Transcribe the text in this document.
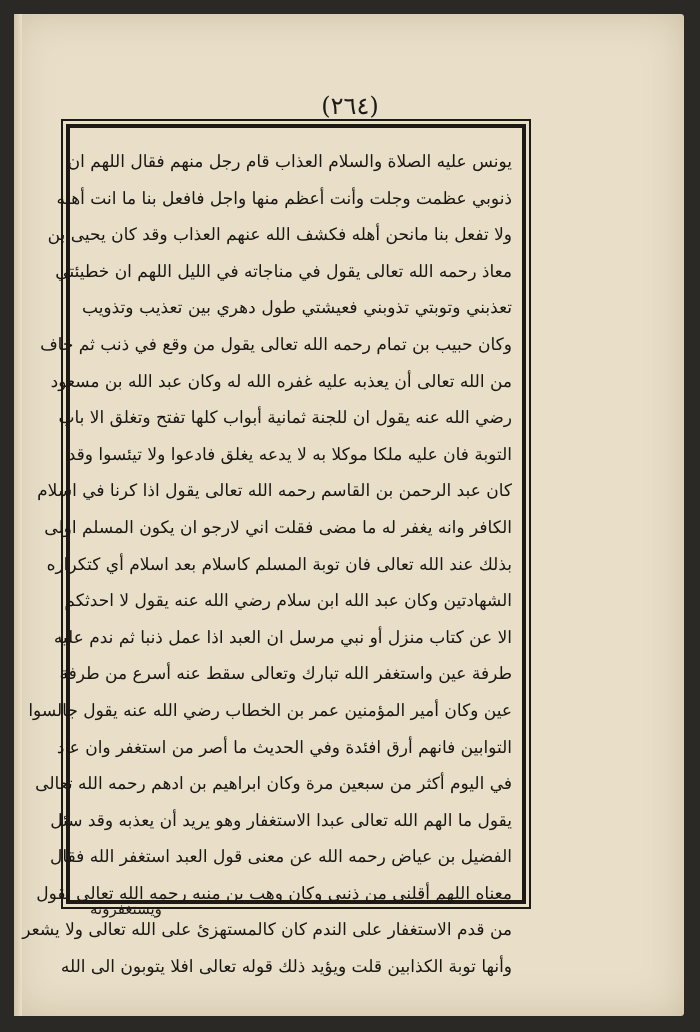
(٢٦٤)
يونس عليه الصلاة والسلام العذاب قام رجل منهم فقال اللهم ان
ذنوبي عظمت وجلت وأنت أعظم منها واجل فافعل بنا ما انت أهله
ولا تفعل بنا مانحن أهله فكشف الله عنهم العذاب وقد كان يحيى بن
معاذ رحمه الله تعالى يقول في مناجاته في الليل اللهم ان خطيئتي
تعذبني وتوبتي تذوبني فعيشتي طول دهري بين تعذيب وتذويب
وكان حبيب بن تمام رحمه الله تعالى يقول من وقع في ذنب ثم خاف
من الله تعالى أن يعذبه عليه غفره الله له وكان عبد الله بن مسعود
رضي الله عنه يقول ان للجنة ثمانية أبواب كلها تفتح وتغلق الا باب
التوبة فان عليه ملكا موكلا به لا يدعه يغلق فادعوا ولا تيئسوا وقد
كان عبد الرحمن بن القاسم رحمه الله تعالى يقول اذا كرنا في اسلام
الكافر وانه يغفر له ما مضى فقلت اني لارجو ان يكون المسلم اولى
بذلك عند الله تعالى فان توبة المسلم كاسلام بعد اسلام أي كتكراره
الشهادتين وكان عبد الله ابن سلام رضي الله عنه يقول لا احدثكم
الا عن كتاب منزل أو نبي مرسل ان العبد اذا عمل ذنبا ثم ندم عليه
طرفة عين واستغفر الله تبارك وتعالى سقط عنه أسرع من طرفة
عين وكان أمير المؤمنين عمر بن الخطاب رضي الله عنه يقول جالسوا
التوابين فانهم أرق افئدة وفي الحديث ما أصر من استغفر وان عاد
في اليوم أكثر من سبعين مرة وكان ابراهيم بن ادهم رحمه الله تعالى
يقول ما الهم الله تعالى عبدا الاستغفار وهو يريد أن يعذبه وقد سئل
الفضيل بن عياض رحمه الله عن معنى قول العبد استغفر الله فقال
معناه اللهم أقلني من ذنبي وكان وهب بن منبه رحمه الله تعالى يقول
من قدم الاستغفار على الندم كان كالمستهزئ على الله تعالى ولا يشعر
وأنها توبة الكذابين قلت ويؤيد ذلك قوله تعالى افلا يتوبون الى الله
ويستغفرونه
